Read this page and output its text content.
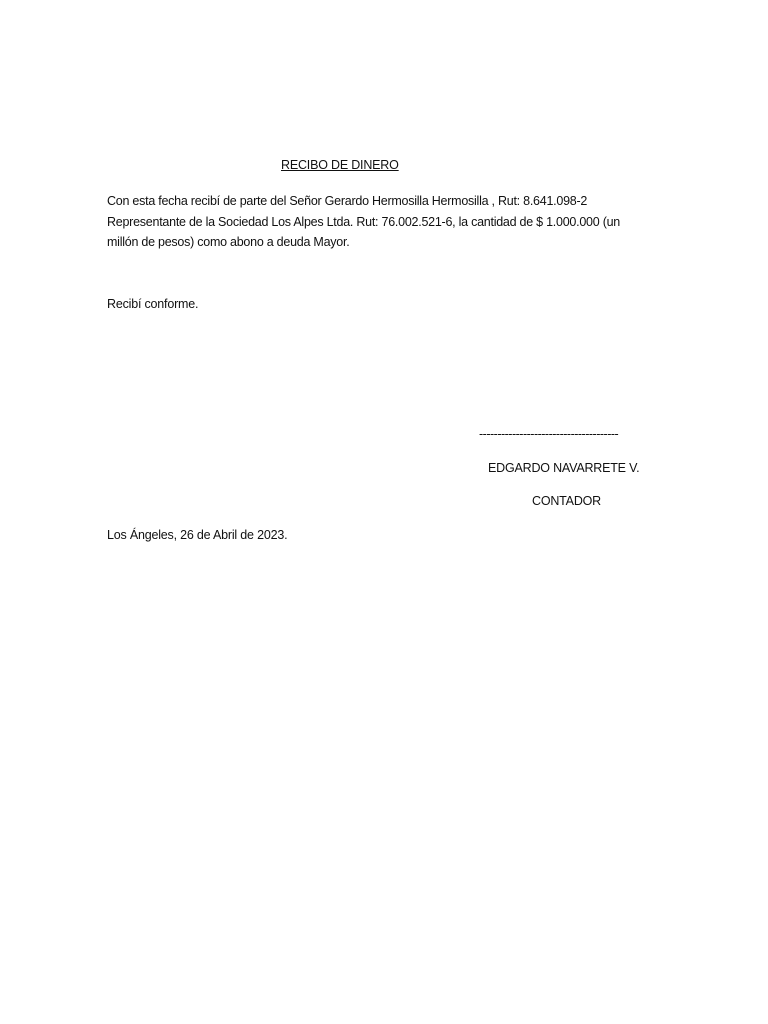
RECIBO DE DINERO
Con esta fecha recibí de parte del Señor Gerardo Hermosilla Hermosilla , Rut: 8.641.098-2
Representante de la Sociedad Los Alpes Ltda. Rut: 76.002.521-6, la cantidad de $ 1.000.000 (un
millón de pesos) como abono a deuda Mayor.
Recibí conforme.
--------------------------------------
EDGARDO NAVARRETE V.
CONTADOR
Los Ángeles, 26 de Abril de 2023.
